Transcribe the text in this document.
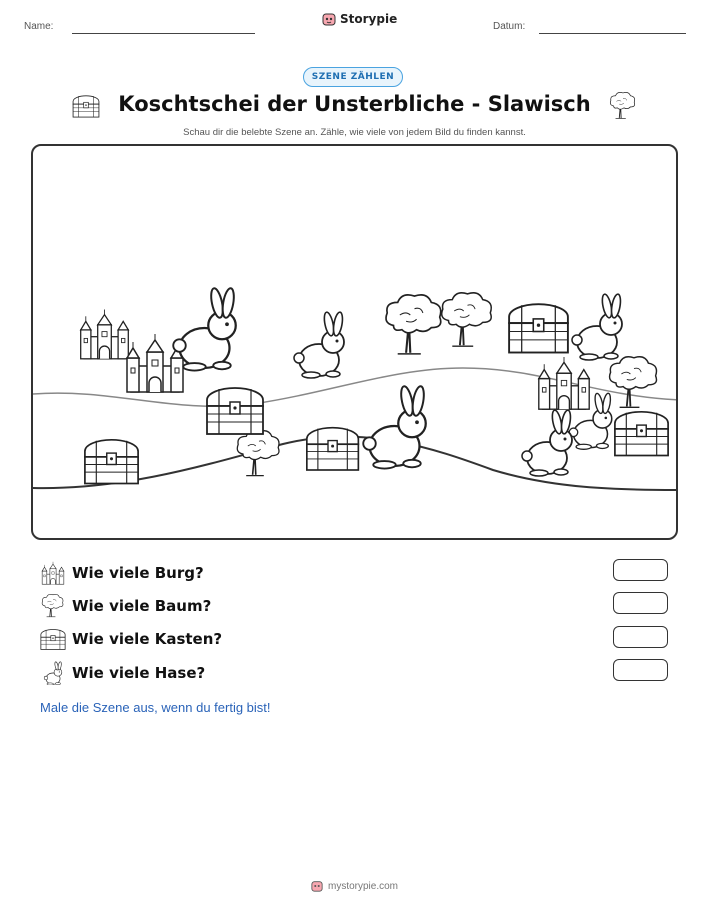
Name:
Storypie
Datum:
SZENE ZÄHLEN
Koschtschei der Unsterbliche - Slawisch
Schau dir die belebte Szene an. Zähle, wie viele von jedem Bild du finden kannst.
Wie viele Burg?
Wie viele Baum?
Wie viele Kasten?
Wie viele Hase?
Male die Szene aus, wenn du fertig bist!
mystorypie.com
